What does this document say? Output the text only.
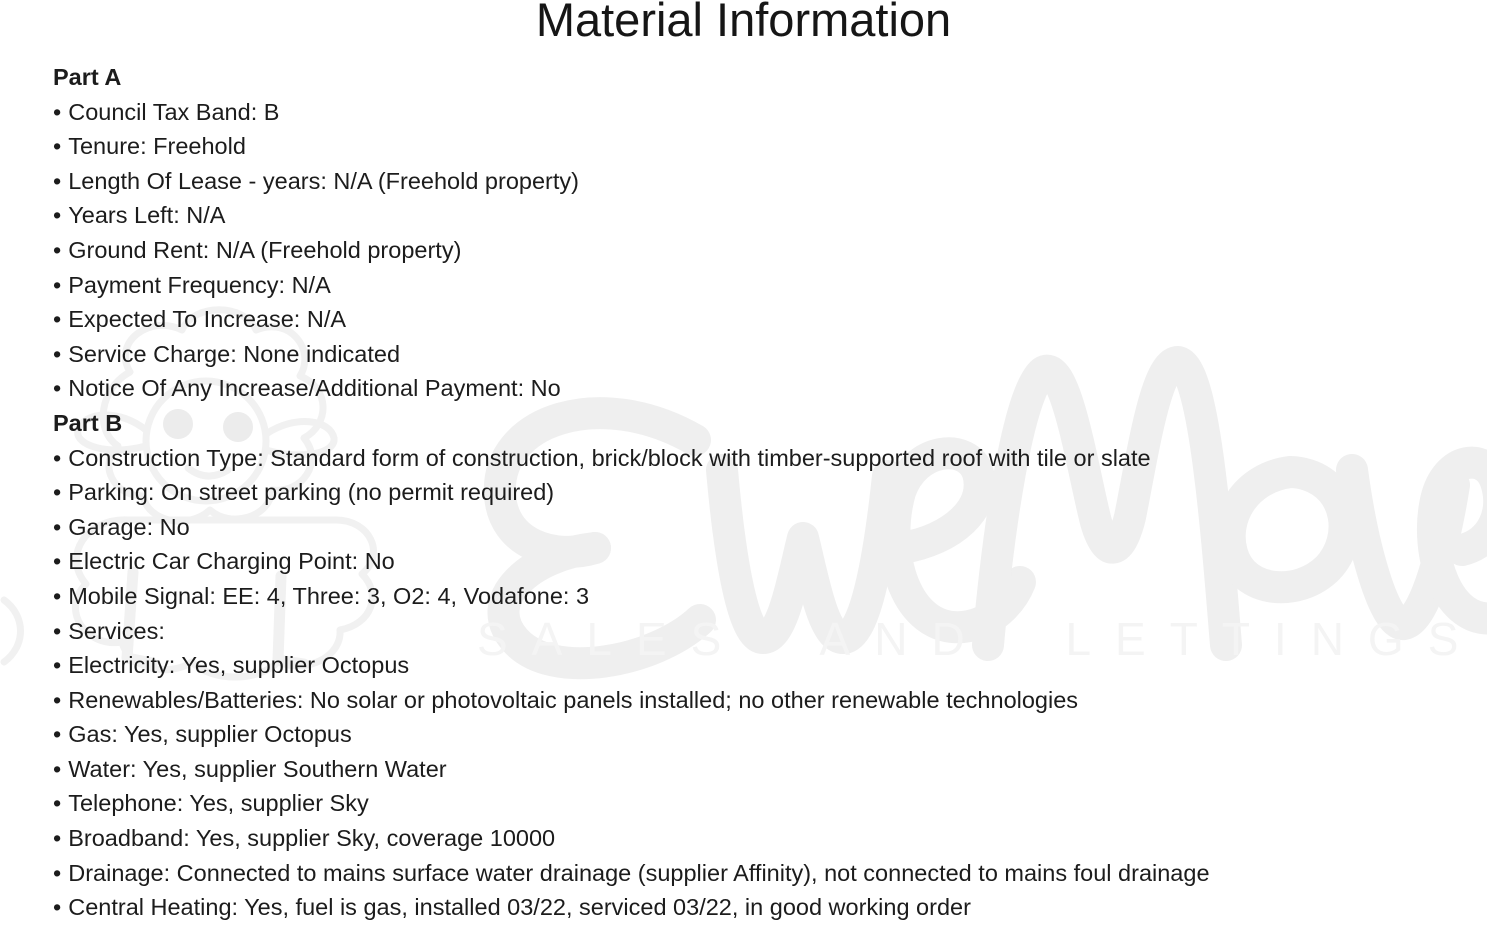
SALES AND LETTINGS
Material Information
Part A
• Council Tax Band: B
• Tenure: Freehold
• Length Of Lease - years: N/A (Freehold property)
• Years Left: N/A
• Ground Rent: N/A (Freehold property)
• Payment Frequency: N/A
• Expected To Increase: N/A
• Service Charge: None indicated
• Notice Of Any Increase/Additional Payment: No
Part B
• Construction Type: Standard form of construction, brick/block with timber-supported roof with tile or slate
• Parking: On street parking (no permit required)
• Garage: No
• Electric Car Charging Point: No
• Mobile Signal: EE: 4, Three: 3, O2: 4, Vodafone: 3
• Services:
• Electricity: Yes, supplier Octopus
• Renewables/Batteries: No solar or photovoltaic panels installed; no other renewable technologies
• Gas: Yes, supplier Octopus
• Water: Yes, supplier Southern Water
• Telephone: Yes, supplier Sky
• Broadband: Yes, supplier Sky, coverage 10000
• Drainage: Connected to mains surface water drainage (supplier Affinity), not connected to mains foul drainage
• Central Heating: Yes, fuel is gas, installed 03/22, serviced 03/22, in good working order
